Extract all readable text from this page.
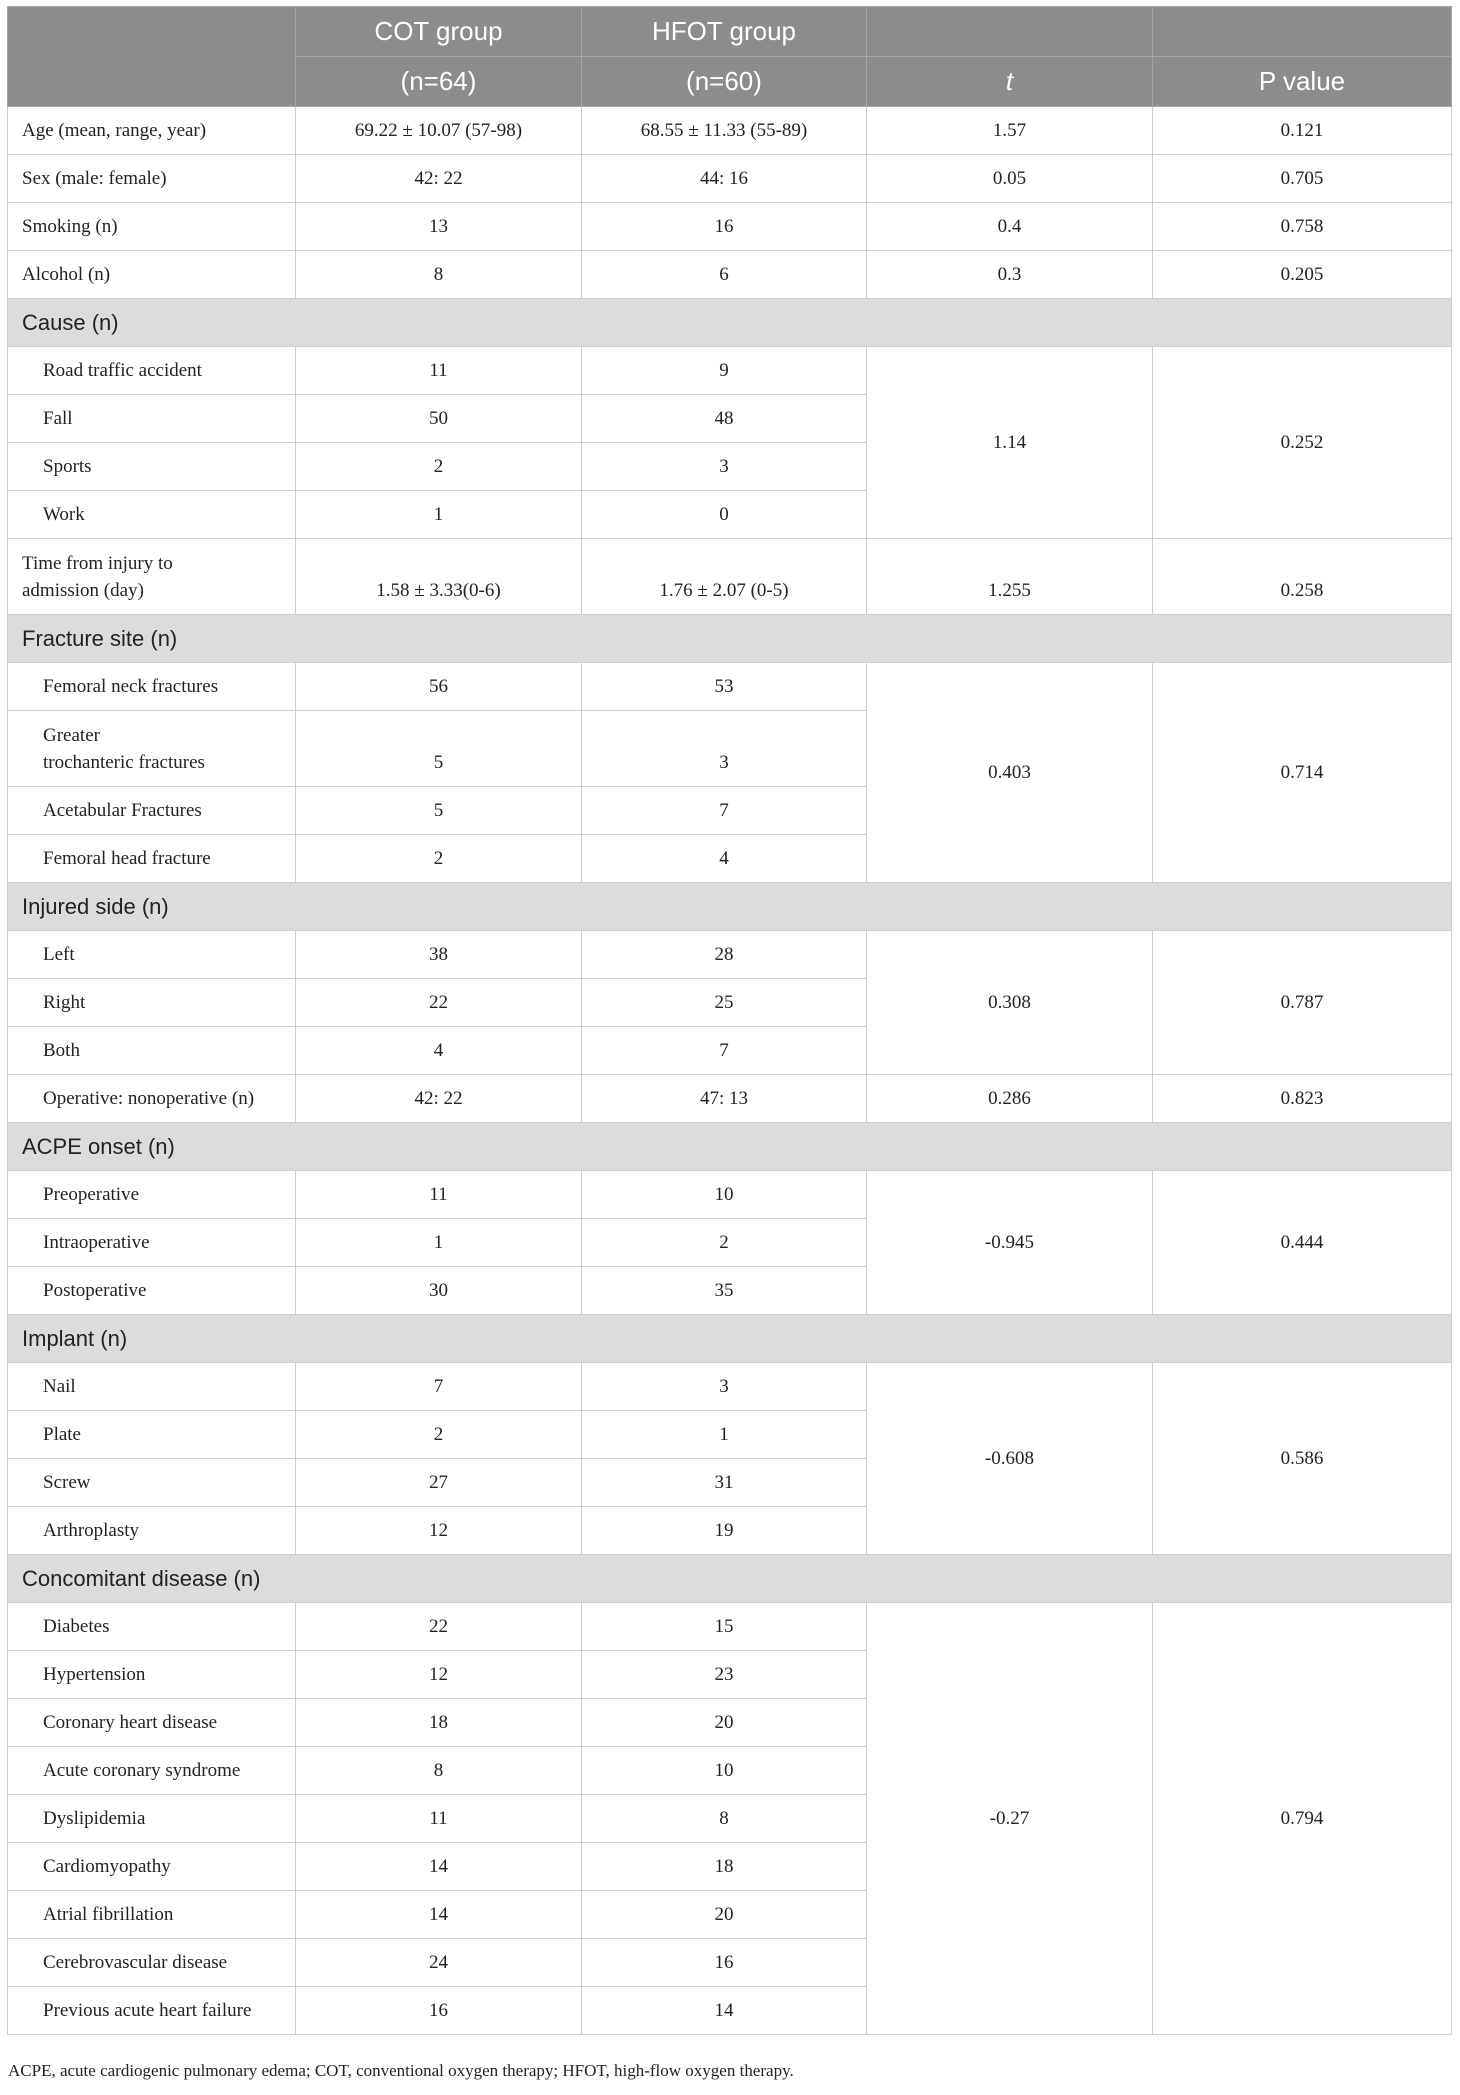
	COT group	HFOT group		
	(n=64)	(n=60)	t	P value
Age (mean, range, year)	69.22 ± 10.07 (57-98)	68.55 ± 11.33 (55-89)	1.57	0.121
Sex (male: female)	42: 22	44: 16	0.05	0.705
Smoking (n)	13	16	0.4	0.758
Alcohol (n)	8	6	0.3	0.205
Cause (n)				
Road traffic accident	11	9	1.14	0.252
Fall	50	48		
Sports	2	3		
Work	1	0		
Time from injury to
admission (day)	1.58 ± 3.33(0-6)	1.76 ± 2.07 (0-5)	1.255	0.258
Fracture site (n)				
Femoral neck fractures	56	53	0.403	0.714
Greater
trochanteric fractures	5	3		
Acetabular Fractures	5	7		
Femoral head fracture	2	4		
Injured side (n)				
Left	38	28	0.308	0.787
Right	22	25		
Both	4	7		
Operative: nonoperative (n)	42: 22	47: 13	0.286	0.823
ACPE onset (n)				
Preoperative	11	10	-0.945	0.444
Intraoperative	1	2		
Postoperative	30	35		
Implant (n)				
Nail	7	3	-0.608	0.586
Plate	2	1		
Screw	27	31		
Arthroplasty	12	19		
Concomitant disease (n)				
Diabetes	22	15	-0.27	0.794
Hypertension	12	23		
Coronary heart disease	18	20		
Acute coronary syndrome	8	10		
Dyslipidemia	11	8		
Cardiomyopathy	14	18		
Atrial fibrillation	14	20		
Cerebrovascular disease	24	16		
Previous acute heart failure	16	14		
ACPE, acute cardiogenic pulmonary edema; COT, conventional oxygen therapy; HFOT, high-flow oxygen therapy.
